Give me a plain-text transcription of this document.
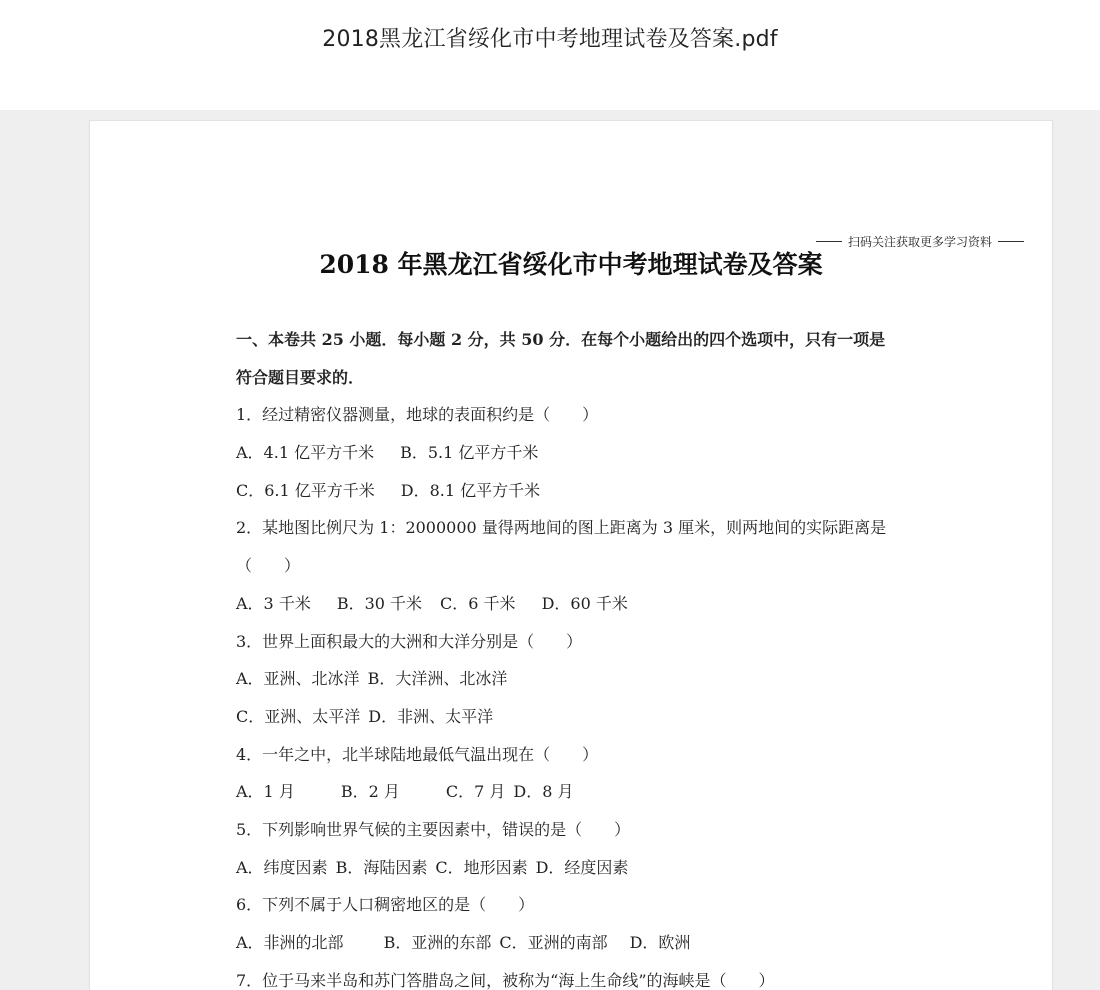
2018黑龙江省绥化市中考地理试卷及答案.pdf
扫码关注获取更多学习资料
2018 年黑龙江省绥化市中考地理试卷及答案
一、本卷共 25 小题．每小题 2 分，共 50 分．在每个小题给出的四个选项中，只有一项是
符合题目要求的．
1．经过精密仪器测量，地球的表面积约是（　　）
A．4.1 亿平方千米 B．5.1 亿平方千米
C．6.1 亿平方千米 D．8.1 亿平方千米
2．某地图比例尺为 1：2000000 量得两地间的图上距离为 3 厘米，则两地间的实际距离是
（　　）
A．3 千米 B．30 千米 C．6 千米 D．60 千米
3．世界上面积最大的大洲和大洋分别是（　　）
A．亚洲、北冰洋 B．大洋洲、北冰洋
C．亚洲、太平洋 D．非洲、太平洋
4．一年之中，北半球陆地最低气温出现在（　　）
A．1 月	B．2 月	C．7 月 D．8 月
5．下列影响世界气候的主要因素中，错误的是（　　）
A．纬度因素 B．海陆因素 C．地形因素 D．经度因素
6．下列不属于人口稠密地区的是（　　）
A．非洲的北部	B．亚洲的东部 C．亚洲的南部 D．欧洲
7．位于马来半岛和苏门答腊岛之间，被称为“海上生命线”的海峡是（　　）
